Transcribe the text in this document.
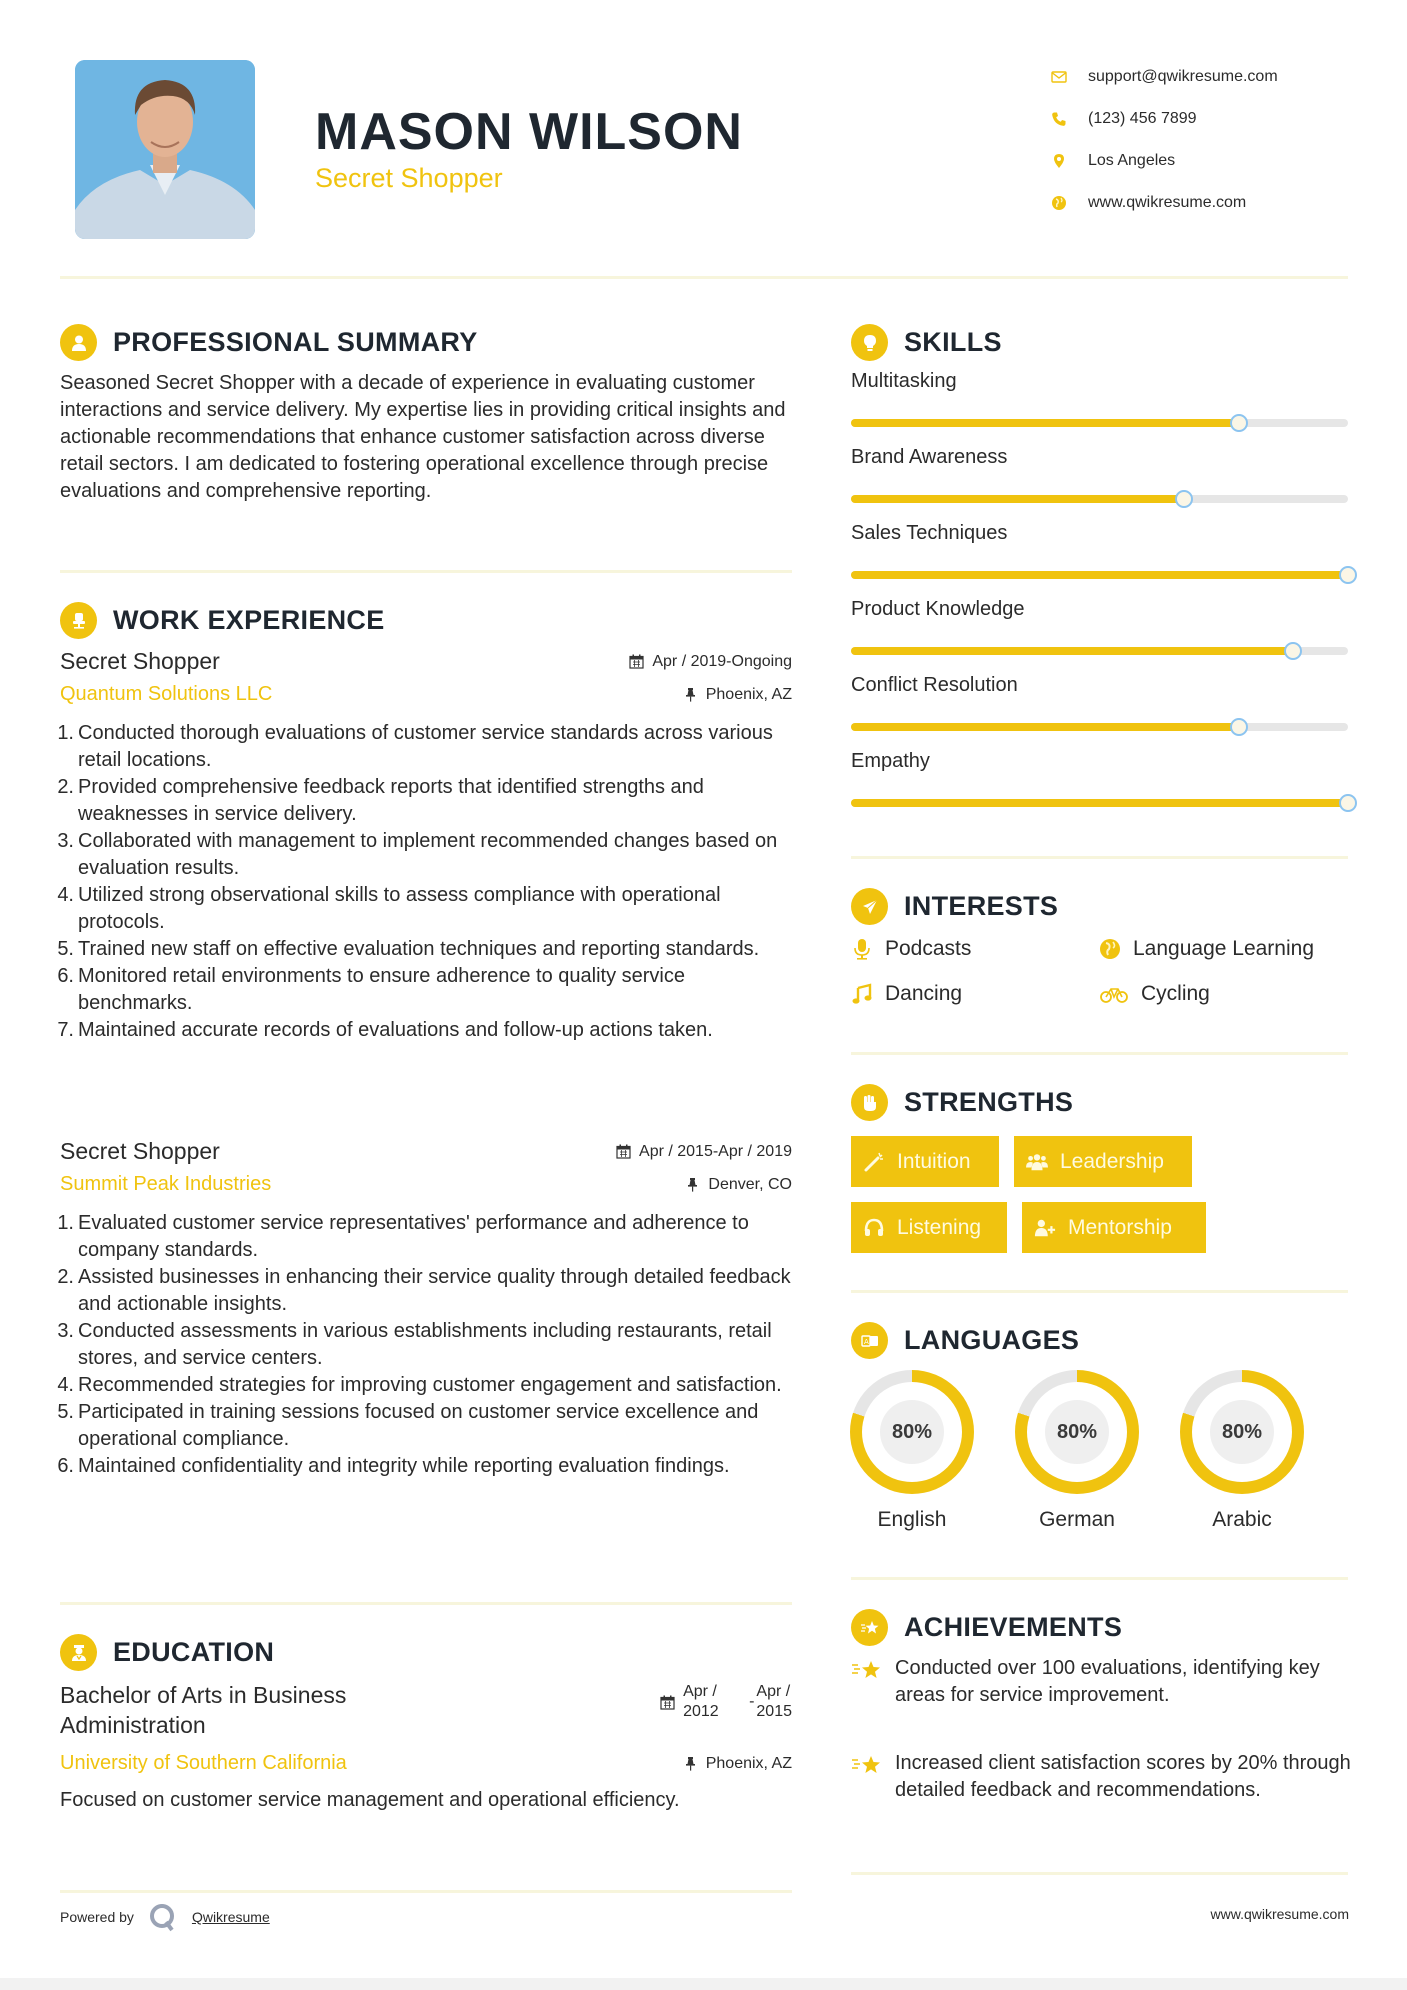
MASON WILSON
Secret Shopper
support@qwikresume.com
(123) 456 7899
Los Angeles
www.qwikresume.com
PROFESSIONAL SUMMARY
Seasoned Secret Shopper with a decade of experience in evaluating customer interactions and service delivery. My expertise lies in providing critical insights and actionable recommendations that enhance customer satisfaction across diverse retail sectors. I am dedicated to fostering operational excellence through precise evaluations and comprehensive reporting.
WORK EXPERIENCE
Secret Shopper	Apr / 2019-Ongoing
Quantum Solutions LLC	Phoenix, AZ
1. Conducted thorough evaluations of customer service standards across various retail locations.
2. Provided comprehensive feedback reports that identified strengths and weaknesses in service delivery.
3. Collaborated with management to implement recommended changes based on evaluation results.
4. Utilized strong observational skills to assess compliance with operational protocols.
5. Trained new staff on effective evaluation techniques and reporting standards.
6. Monitored retail environments to ensure adherence to quality service benchmarks.
7. Maintained accurate records of evaluations and follow-up actions taken.
Secret Shopper	Apr / 2015-Apr / 2019
Summit Peak Industries	Denver, CO
1. Evaluated customer service representatives' performance and adherence to company standards.
2. Assisted businesses in enhancing their service quality through detailed feedback and actionable insights.
3. Conducted assessments in various establishments including restaurants, retail stores, and service centers.
4. Recommended strategies for improving customer engagement and satisfaction.
5. Participated in training sessions focused on customer service excellence and operational compliance.
6. Maintained confidentiality and integrity while reporting evaluation findings.
EDUCATION
Bachelor of Arts in Business Administration
Apr /
2012
-
Apr /
2015
University of Southern California	Phoenix, AZ
Focused on customer service management and operational efficiency.
SKILLS
Multitasking
Brand Awareness
Sales Techniques
Product Knowledge
Conflict Resolution
Empathy
INTERESTS
Podcasts	Language Learning
Dancing	Cycling
STRENGTHS
Intuition	Leadership
Listening	Mentorship
A LANGUAGES
80%
English
80%
German
80%
Arabic
ACHIEVEMENTS
Conducted over 100 evaluations, identifying key areas for service improvement.
Increased client satisfaction scores by 20% through detailed feedback and recommendations.
Powered by	Qwikresume	www.qwikresume.com
